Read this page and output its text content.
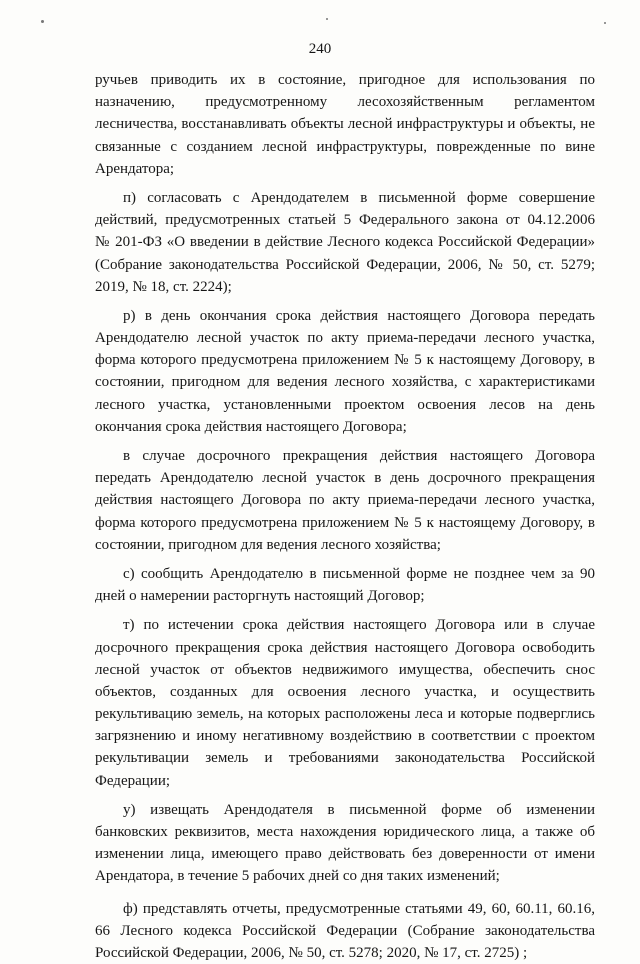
240
ручьев приводить их в состояние, пригодное для использования по
назначению, предусмотренному лесохозяйственным регламентом
лесничества, восстанавливать объекты лесной инфраструктуры и объекты, не
связанные с созданием лесной инфраструктуры, поврежденные по вине
Арендатора;
п) согласовать с Арендодателем в письменной форме совершение
действий, предусмотренных статьей 5 Федерального закона от 04.12.2006
№ 201-ФЗ «О введении в действие Лесного кодекса Российской Федерации»
(Собрание законодательства Российской Федерации, 2006, № 50, ст. 5279;
2019, № 18, ст. 2224);
р) в день окончания срока действия настоящего Договора передать
Арендодателю лесной участок по акту приема-передачи лесного участка,
форма которого предусмотрена приложением № 5 к настоящему Договору, в
состоянии, пригодном для ведения лесного хозяйства, с характеристиками
лесного участка, установленными проектом освоения лесов на день
окончания срока действия настоящего Договора;
в случае досрочного прекращения действия настоящего Договора
передать Арендодателю лесной участок в день досрочного прекращения
действия настоящего Договора по акту приема-передачи лесного участка,
форма которого предусмотрена приложением № 5 к настоящему Договору, в
состоянии, пригодном для ведения лесного хозяйства;
с) сообщить Арендодателю в письменной форме не позднее чем за 90
дней о намерении расторгнуть настоящий Договор;
т) по истечении срока действия настоящего Договора или в случае
досрочного прекращения срока действия настоящего Договора освободить
лесной участок от объектов недвижимого имущества, обеспечить снос
объектов, созданных для освоения лесного участка, и осуществить
рекультивацию земель, на которых расположены леса и которые подверглись
загрязнению и иному негативному воздействию в соответствии с проектом
рекультивации земель и требованиями законодательства Российской
Федерации;
у) извещать Арендодателя в письменной форме об изменении
банковских реквизитов, места нахождения юридического лица, а также об
изменении лица, имеющего право действовать без доверенности от имени
Арендатора, в течение 5 рабочих дней со дня таких изменений;
ф) представлять отчеты, предусмотренные статьями 49, 60, 60.11, 60.16,
66 Лесного кодекса Российской Федерации (Собрание законодательства
Российской Федерации, 2006, № 50, ст. 5278; 2020, № 17, ст. 2725) ;
